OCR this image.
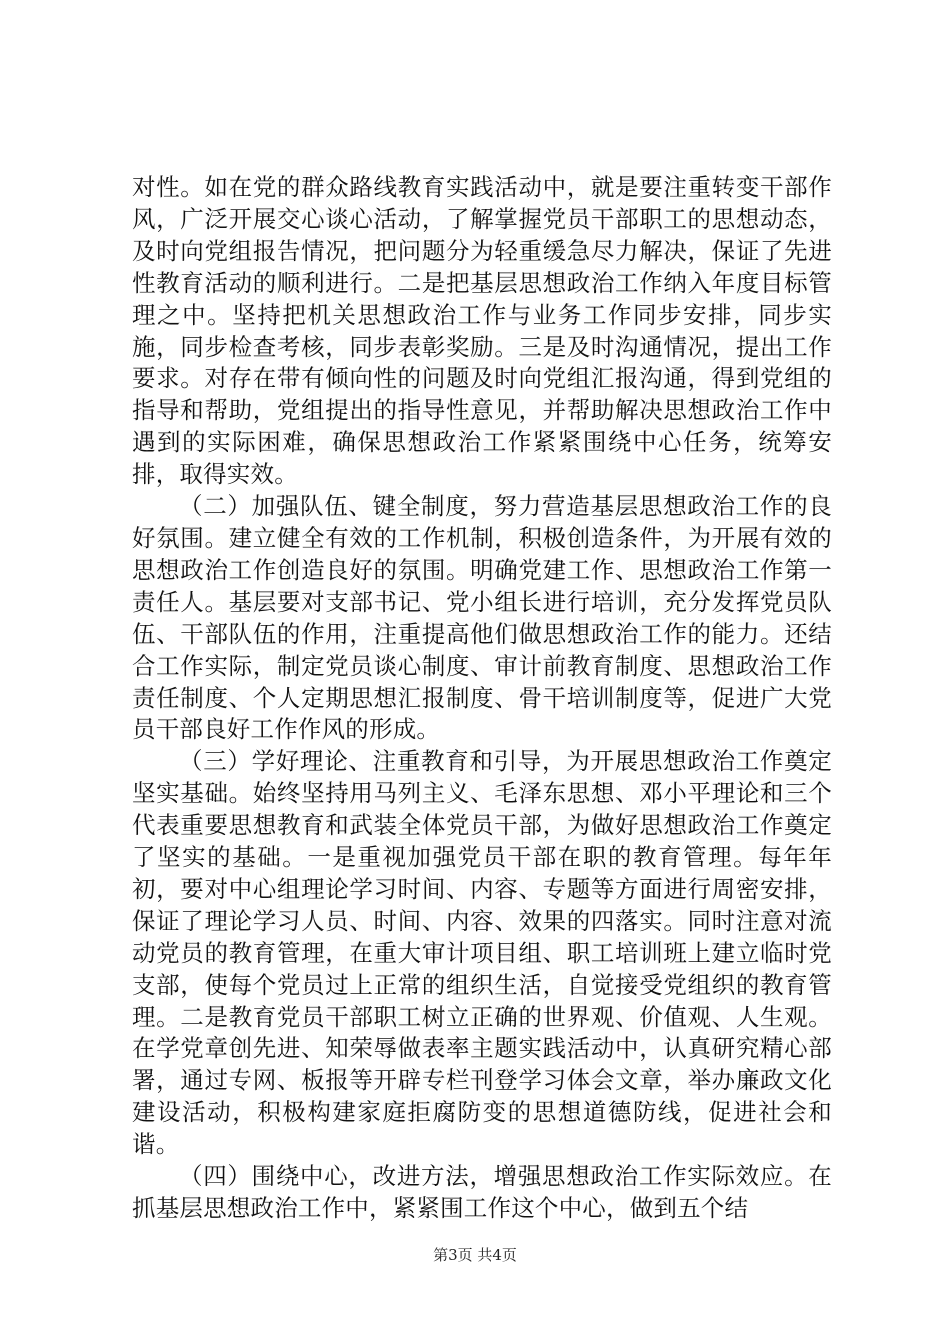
对性。如在党的群众路线教育实践活动中，就是要注重转变干部作风，广泛开展交心谈心活动，了解掌握党员干部职工的思想动态，及时向党组报告情况，把问题分为轻重缓急尽力解决，保证了先进性教育活动的顺利进行。二是把基层思想政治工作纳入年度目标管理之中。坚持把机关思想政治工作与业务工作同步安排，同步实施，同步检查考核，同步表彰奖励。三是及时沟通情况，提出工作要求。对存在带有倾向性的问题及时向党组汇报沟通，得到党组的指导和帮助，党组提出的指导性意见，并帮助解决思想政治工作中遇到的实际困难，确保思想政治工作紧紧围绕中心任务，统筹安排，取得实效。

（二）加强队伍、键全制度，努力营造基层思想政治工作的良好氛围。建立健全有效的工作机制，积极创造条件，为开展有效的思想政治工作创造良好的氛围。明确党建工作、思想政治工作第一责任人。基层要对支部书记、党小组长进行培训，充分发挥党员队伍、干部队伍的作用，注重提高他们做思想政治工作的能力。还结合工作实际，制定党员谈心制度、审计前教育制度、思想政治工作责任制度、个人定期思想汇报制度、骨干培训制度等，促进广大党员干部良好工作作风的形成。

（三）学好理论、注重教育和引导，为开展思想政治工作奠定坚实基础。始终坚持用马列主义、毛泽东思想、邓小平理论和三个代表重要思想教育和武装全体党员干部，为做好思想政治工作奠定了坚实的基础。一是重视加强党员干部在职的教育管理。每年年初，要对中心组理论学习时间、内容、专题等方面进行周密安排，保证了理论学习人员、时间、内容、效果的四落实。同时注意对流动党员的教育管理，在重大审计项目组、职工培训班上建立临时党支部，使每个党员过上正常的组织生活，自觉接受党组织的教育管理。二是教育党员干部职工树立正确的世界观、价值观、人生观。在学党章创先进、知荣辱做表率主题实践活动中，认真研究精心部署，通过专网、板报等开辟专栏刊登学习体会文章，举办廉政文化建设活动，积极构建家庭拒腐防变的思想道德防线，促进社会和谐。

（四）围绕中心，改进方法，增强思想政治工作实际效应。在抓基层思想政治工作中，紧紧围工作这个中心，做到五个结

第3页 共4页
